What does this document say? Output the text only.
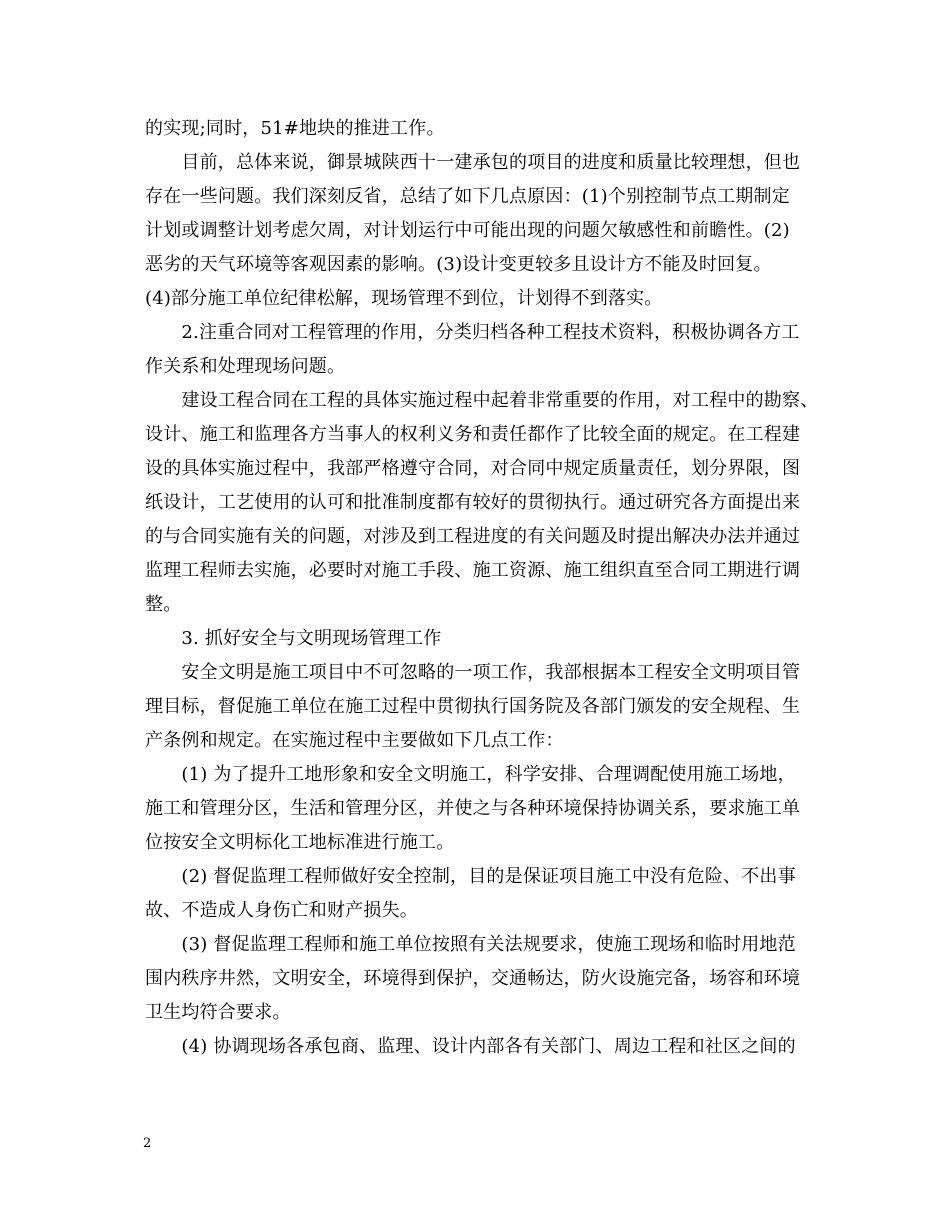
的实现;同时，51#地块的推进工作。
　　目前，总体来说，御景城陕西十一建承包的项目的进度和质量比较理想，但也
存在一些问题。我们深刻反省，总结了如下几点原因：(1)个别控制节点工期制定
计划或调整计划考虑欠周，对计划运行中可能出现的问题欠敏感性和前瞻性。(2)
恶劣的天气环境等客观因素的影响。(3)设计变更较多且设计方不能及时回复。
(4)部分施工单位纪律松解，现场管理不到位，计划得不到落实。
　　2.注重合同对工程管理的作用，分类归档各种工程技术资料，积极协调各方工
作关系和处理现场问题。
　　建设工程合同在工程的具体实施过程中起着非常重要的作用，对工程中的勘察、
设计、施工和监理各方当事人的权利义务和责任都作了比较全面的规定。在工程建
设的具体实施过程中，我部严格遵守合同，对合同中规定质量责任，划分界限，图
纸设计，工艺使用的认可和批准制度都有较好的贯彻执行。通过研究各方面提出来
的与合同实施有关的问题，对涉及到工程进度的有关问题及时提出解决办法并通过
监理工程师去实施，必要时对施工手段、施工资源、施工组织直至合同工期进行调
整。
　　3. 抓好安全与文明现场管理工作
　　安全文明是施工项目中不可忽略的一项工作，我部根据本工程安全文明项目管
理目标，督促施工单位在施工过程中贯彻执行国务院及各部门颁发的安全规程、生
产条例和规定。在实施过程中主要做如下几点工作：
　　(1) 为了提升工地形象和安全文明施工，科学安排、合理调配使用施工场地，
施工和管理分区，生活和管理分区，并使之与各种环境保持协调关系，要求施工单
位按安全文明标化工地标准进行施工。
　　(2) 督促监理工程师做好安全控制，目的是保证项目施工中没有危险、不出事
故、不造成人身伤亡和财产损失。
　　(3) 督促监理工程师和施工单位按照有关法规要求，使施工现场和临时用地范
围内秩序井然，文明安全，环境得到保护，交通畅达，防火设施完备，场容和环境
卫生均符合要求。
　　(4) 协调现场各承包商、监理、设计内部各有关部门、周边工程和社区之间的
2
